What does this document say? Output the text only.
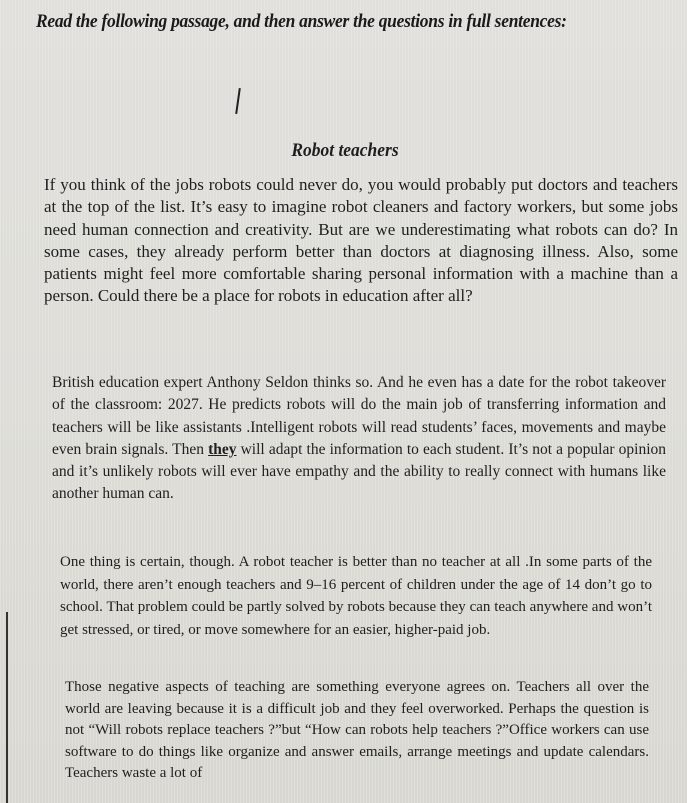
Read the following passage, and then answer the questions in full sentences:
Robot teachers
If you think of the jobs robots could never do, you would probably put doctors and teachers at the top of the list. It’s easy to imagine robot cleaners and factory workers, but some jobs need human connection and creativity. But are we underestimating what robots can do? In some cases, they already perform better than doctors at diagnosing illness. Also, some patients might feel more comfortable sharing personal information with a machine than a person. Could there be a place for robots in education after all?
British education expert Anthony Seldon thinks so. And he even has a date for the robot takeover of the classroom: 2027. He predicts robots will do the main job of transferring information and teachers will be like assistants .Intelligent robots will read students’ faces, movements and maybe even brain signals. Then they will adapt the information to each student. It’s not a popular opinion and it’s unlikely robots will ever have empathy and the ability to really connect with humans like another human can.
One thing is certain, though. A robot teacher is better than no teacher at all .In some parts of the world, there aren’t enough teachers and 9–16 percent of children under the age of 14 don’t go to school. That problem could be partly solved by robots because they can teach anywhere and won’t get stressed, or tired, or move somewhere for an easier, higher-paid job.
Those negative aspects of teaching are something everyone agrees on. Teachers all over the world are leaving because it is a difficult job and they feel overworked. Perhaps the question is not “Will robots replace teachers ?”but “How can robots help teachers ?”Office workers can use software to do things like organize and answer emails, arrange meetings and update calendars. Teachers waste a lot of
